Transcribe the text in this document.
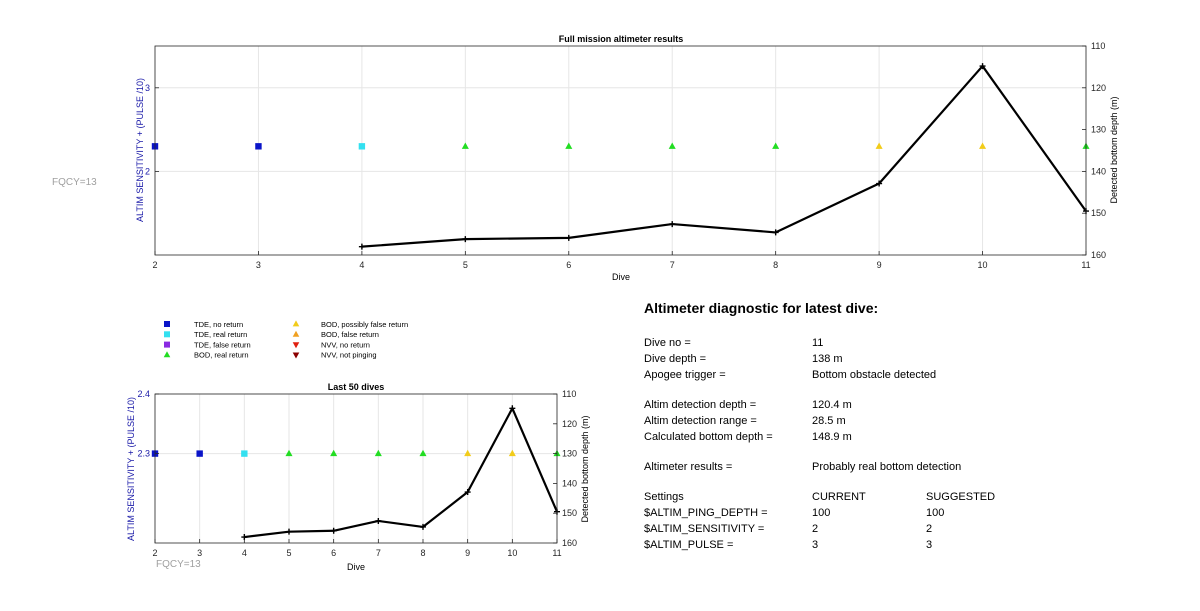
Full mission altimeter results
2	3	4	5	6	7	8	9	10	11
2
3
110
120
130
140
150
160
Dive
ALTIM SENSITIVITY + (PULSE /10)	Detected bottom depth (m)
FQCY=13
TDE, no return
TDE, real return
TDE, false return
BOD, real return
BOD, possibly false return
BOD, false return
NVV, no return
NVV, not pinging
Last 50 dives
2	3	4	5	6	7	8	9	10	11
2.3
2.4	110
120
130
140
150
160
Dive
ALTIM SENSITIVITY + (PULSE /10)	Detected bottom depth (m)
FQCY=13
Altimeter diagnostic for latest dive:
Dive no =	11
Dive depth =	138 m
Apogee trigger =	Bottom obstacle detected
Altim detection depth =	120.4 m
Altim detection range =	28.5 m
Calculated bottom depth =	148.9 m
Altimeter results =	Probably real bottom detection
Settings	CURRENT	SUGGESTED
$ALTIM_PING_DEPTH =	100	100
$ALTIM_SENSITIVITY =	2	2
$ALTIM_PULSE =	3	3
